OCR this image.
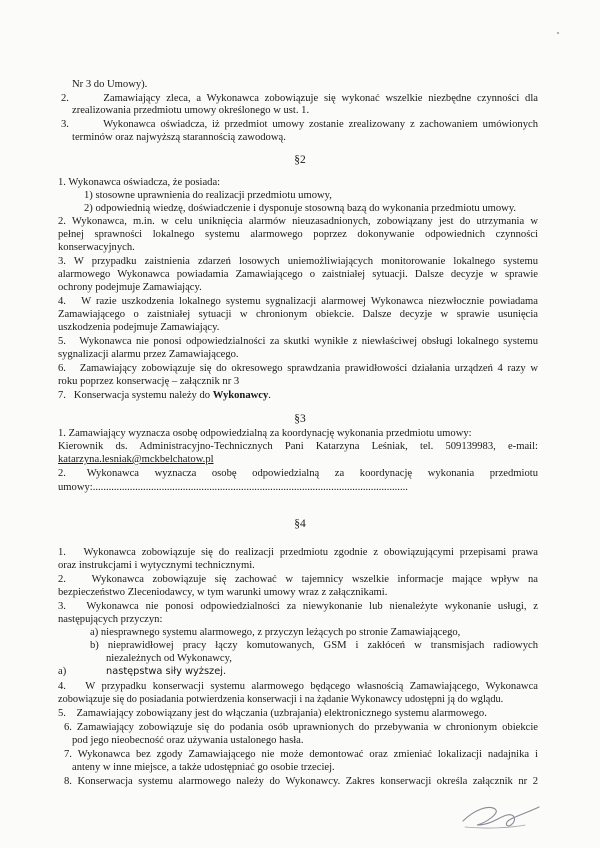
Nr 3 do Umowy).
2.      Zamawiający zleca, a Wykonawca zobowiązuje się wykonać wszelkie niezbędne czynności dla
zrealizowania przedmiotu umowy określonego w ust. 1.
3.       Wykonawca oświadcza, iż przedmiot umowy zostanie zrealizowany z zachowaniem umówionych
terminów oraz najwyższą starannością zawodową.
§2
1. Wykonawca oświadcza, że posiada:
1) stosowne uprawnienia do realizacji przedmiotu umowy,
2) odpowiednią wiedzę, doświadczenie i dysponuje stosowną bazą do wykonania przedmiotu umowy.
2. Wykonawca, m.in. w celu uniknięcia alarmów nieuzasadnionych, zobowiązany jest do utrzymania w
pełnej sprawności lokalnego systemu alarmowego poprzez dokonywanie odpowiednich czynności
konserwacyjnych.
3. W przypadku zaistnienia zdarzeń losowych uniemożliwiających monitorowanie lokalnego systemu
alarmowego Wykonawca powiadamia Zamawiającego o zaistniałej sytuacji. Dalsze decyzje w sprawie
ochrony podejmuje Zamawiający.
4.   W razie uszkodzenia lokalnego systemu sygnalizacji alarmowej Wykonawca niezwłocznie powiadama
Zamawiającego o zaistniałej sytuacji w chronionym obiekcie. Dalsze decyzje w sprawie usunięcia
uszkodzenia podejmuje Zamawiający.
5.   Wykonawca nie ponosi odpowiedzialności za skutki wynikłe z niewłaściwej obsługi lokalnego systemu
sygnalizacji alarmu przez Zamawiającego.
6.   Zamawiający zobowiązuje się do okresowego sprawdzania prawidłowości działania urządzeń 4 razy w
roku poprzez konserwację – załącznik nr 3
7.   Konserwacja systemu należy do Wykonawcy.
§3
1. Zamawiający wyznacza osobę odpowiedzialną za koordynację wykonania przedmiotu umowy:
Kierownik ds. Administracyjno-Technicznych Pani Katarzyna Leśniak, tel. 509139983, e-mail:
katarzyna.lesniak@mckbelchatow.pl
2.    Wykonawca   wyznacza   osobę   odpowiedzialną   za   koordynację   wykonania   przedmiotu
umowy:.......................................................................................................................
§4
1.   Wykonawca zobowiązuje się do realizacji przedmiotu zgodnie z obowiązującymi przepisami prawa
oraz instrukcjami i wytycznymi technicznymi.
2.   Wykonawca zobowiązuje się zachować w tajemnicy wszelkie informacje mające wpływ na
bezpieczeństwo Zleceniodawcy, w tym warunki umowy wraz z załącznikami.
3.   Wykonawca nie ponosi odpowiedzialności za niewykonanie lub nienależyte wykonanie usługi, z
następujących przyczyn:
a) niesprawnego systemu alarmowego, z przyczyn leżących po stronie Zamawiającego,
b) nieprawidłowej pracy łączy komutowanych, GSM i zakłóceń w transmisjach radiowych
niezależnych od Wykonawcy,
a)	następstwa siły wyższej.
4.   W przypadku konserwacji systemu alarmowego będącego własnością Zamawiającego, Wykonawca
zobowiązuje się do posiadania potwierdzenia konserwacji i na żądanie Wykonawcy udostępni ją do wglądu.
5.    Zamawiający zobowiązany jest do włączania (uzbrajania) elektronicznego systemu alarmowego.
6. Zamawiający zobowiązuje się do podania osób uprawnionych do przebywania w chronionym obiekcie
pod jego nieobecność oraz używania ustalonego hasła.
7. Wykonawca bez zgody Zamawiającego nie może demontować oraz zmieniać lokalizacji nadajnika i
anteny w inne miejsce, a także udostępniać go osobie trzeciej.
8. Konserwacja systemu alarmowego należy do Wykonawcy. Zakres konserwacji określa załącznik nr 2
